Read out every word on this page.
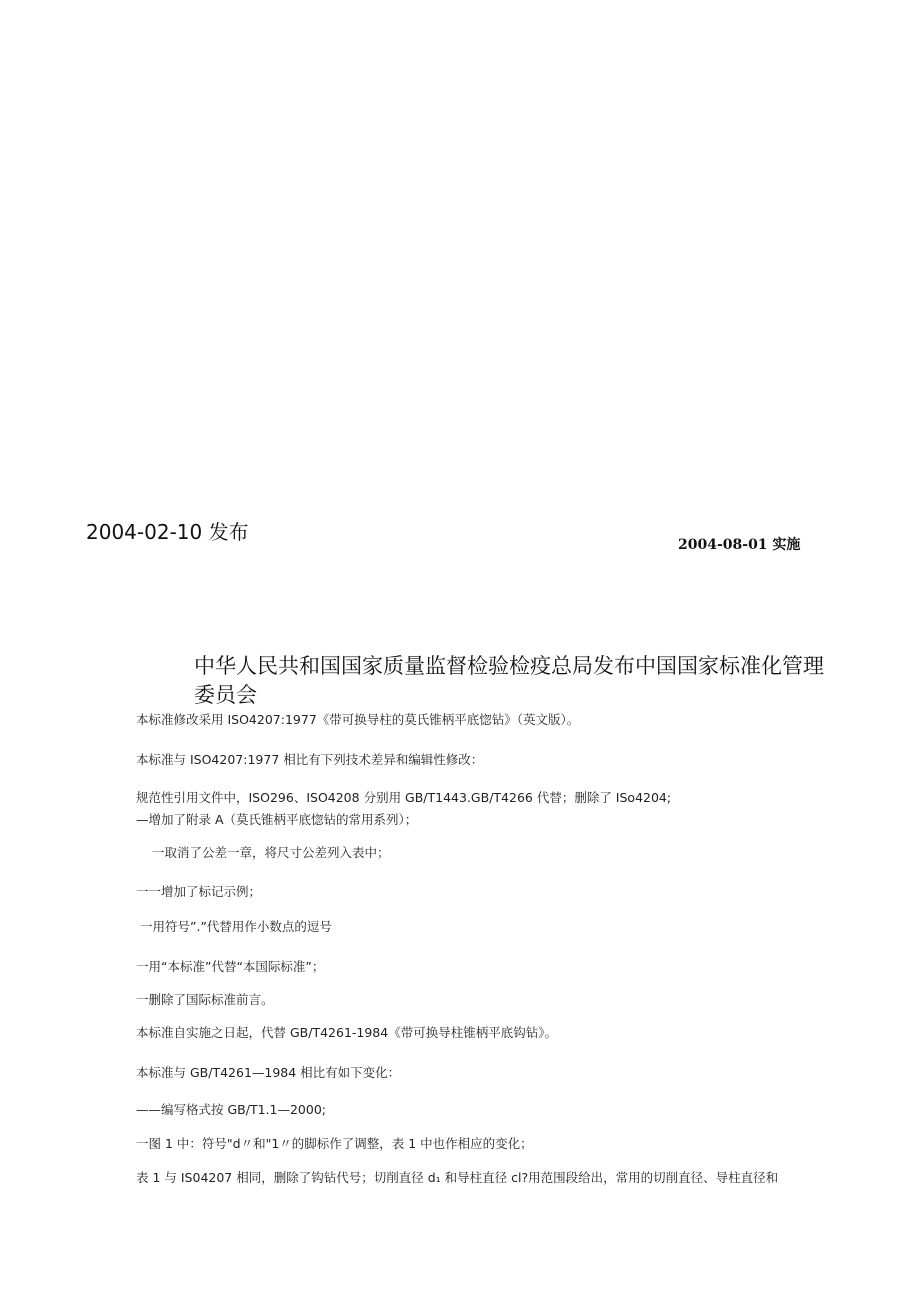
2004-02-10 发布
2004-08-01 实施
中华人民共和国国家质量监督检验检疫总局发布中国国家标准化管理委员会
本标准修改采用 ISO4207:1977《带可换导柱的莫氏锥柄平底惚钻》（英文版）。
本标准与 ISO4207:1977 相比有下列技术差异和编辑性修改：
规范性引用文件中，ISO296、ISO4208 分别用 GB/T1443.GB/T4266 代替；删除了 ISo4204;
—增加了附录 A（莫氏锥柄平底惚钻的常用系列）；
一取消了公差一章，将尺寸公差列入表中；
一一增加了标记示例；
一用符号”.”代替用作小数点的逗号
一用“本标准”代替“本国际标准”；
一删除了国际标准前言。
本标准自实施之日起，代替 GB/T4261-1984《带可换导柱锥柄平底钩钻》。
本标准与 GB/T4261—1984 相比有如下变化：
——编写格式按 GB/T1.1—2000;
一图 1 中：符号"d〃和"1〃的脚标作了调整，表 1 中也作相应的变化；
表 1 与 IS04207 相同，删除了钩钻代号；切削直径 d₁ 和导柱直径 cl?用范围段给出，常用的切削直径、导柱直径和
